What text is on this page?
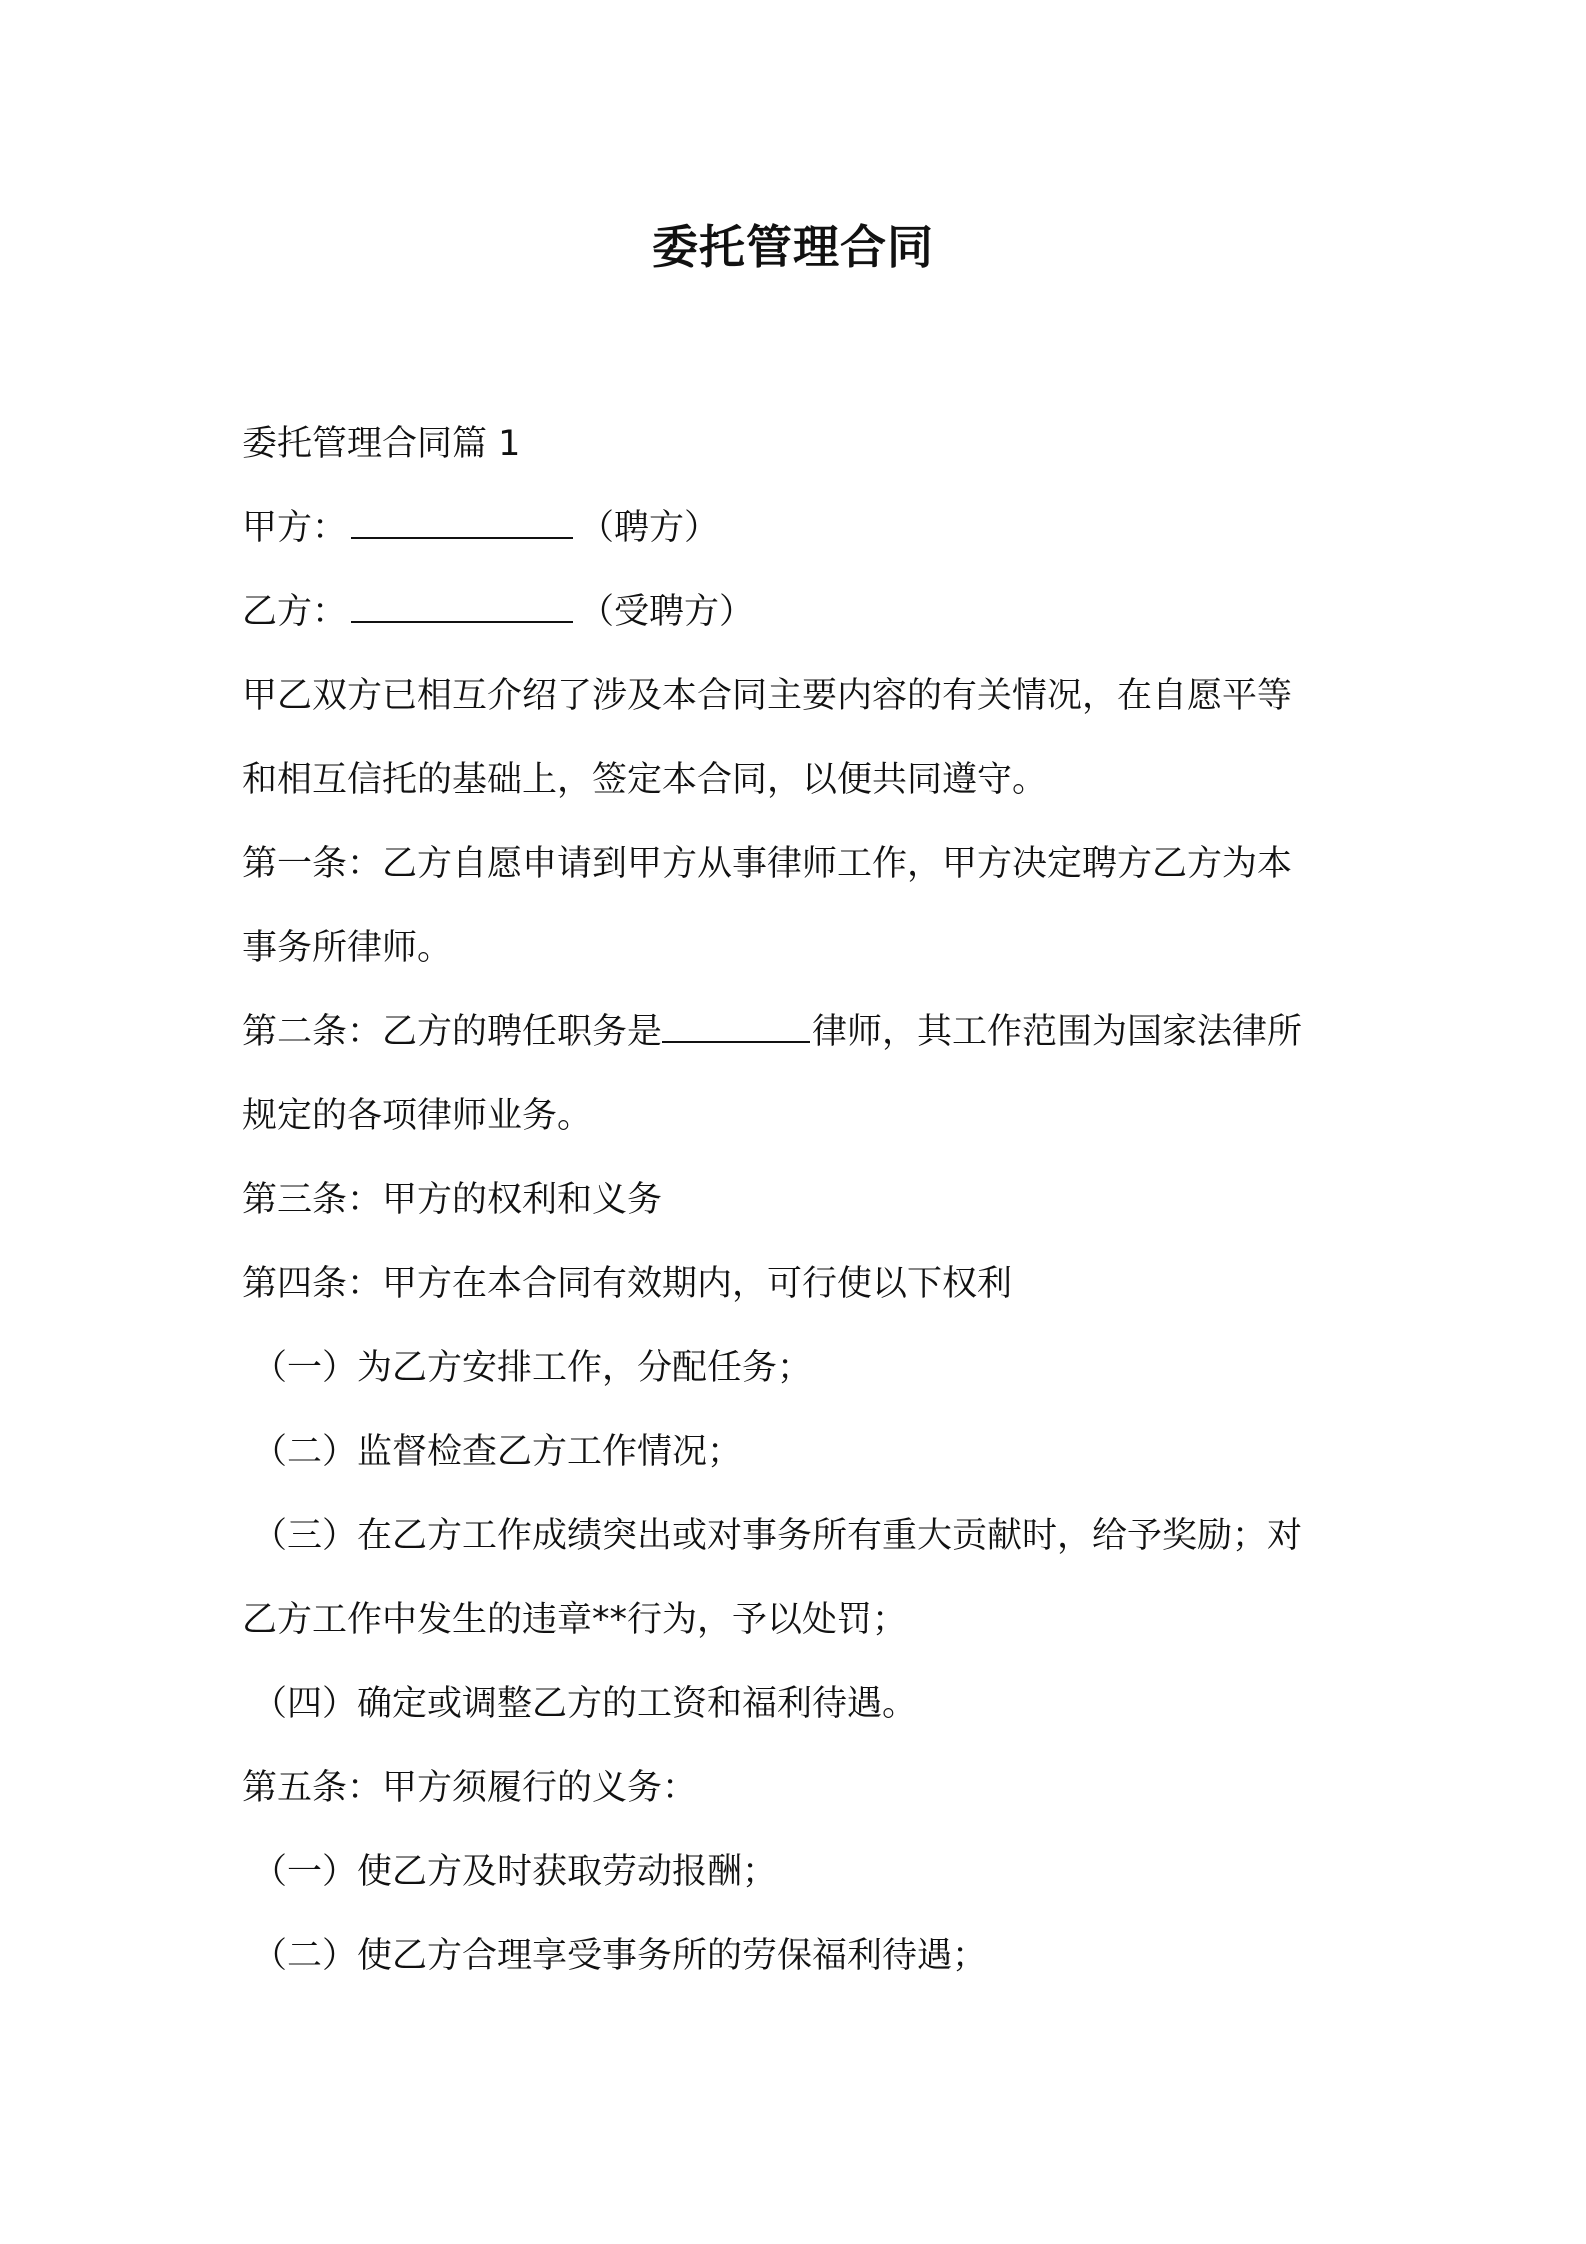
委托管理合同
委托管理合同篇 1
甲方：	（聘方）
乙方：	（受聘方）
甲乙双方已相互介绍了涉及本合同主要内容的有关情况，在自愿平等
和相互信托的基础上，签定本合同，以便共同遵守。
第一条：乙方自愿申请到甲方从事律师工作，甲方决定聘方乙方为本
事务所律师。
第二条：乙方的聘任职务是	律师，其工作范围为国家法律所
规定的各项律师业务。
第三条：甲方的权利和义务
第四条：甲方在本合同有效期内，可行使以下权利
（一）为乙方安排工作，分配任务；
（二）监督检查乙方工作情况；
（三）在乙方工作成绩突出或对事务所有重大贡献时，给予奖励；对
乙方工作中发生的违章**行为，予以处罚；
（四）确定或调整乙方的工资和福利待遇。
第五条：甲方须履行的义务：
（一）使乙方及时获取劳动报酬；
（二）使乙方合理享受事务所的劳保福利待遇；
